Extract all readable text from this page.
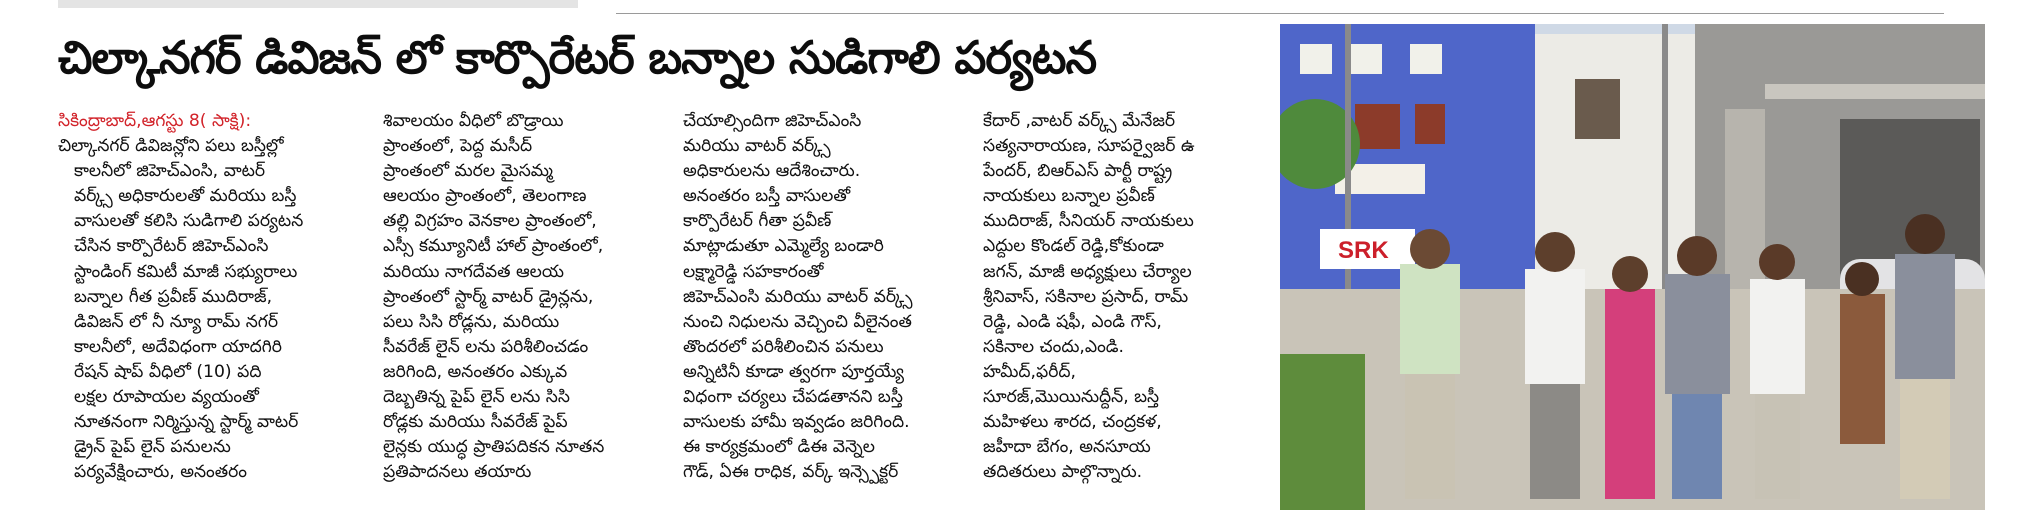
చిల్కానగర్ డివిజన్ లో కార్పొరేటర్ బన్నాల సుడిగాలి పర్యటన
సికింద్రాబాద్,ఆగస్టు 8( సాక్షి):
చిల్కానగర్ డివిజన్లోని పలు బస్తీల్లో
కాలనీలో జిహెచ్ఎంసి, వాటర్
వర్క్స్ అధికారులతో మరియు బస్తీ
వాసులతో కలిసి సుడిగాలి పర్యటన
చేసిన కార్పొరేటర్ జిహెచ్ఎంసి
స్టాండింగ్ కమిటీ మాజీ సభ్యురాలు
బన్నాల గీత ప్రవీణ్ ముదిరాజ్,
డివిజన్ లో నీ న్యూ రామ్ నగర్
కాలనీలో, అదేవిధంగా యాదగిరి
రేషన్ షాప్ వీధిలో (10) పది
లక్షల రూపాయల వ్యయంతో
నూతనంగా నిర్మిస్తున్న స్టార్మ్ వాటర్
డ్రైన్ పైప్ లైన్ పనులను
పర్యవేక్షించారు, అనంతరం
శివాలయం వీధిలో బొడ్రాయి
ప్రాంతంలో, పెద్ద మసీద్
ప్రాంతంలో మరల మైసమ్మ
ఆలయం ప్రాంతంలో, తెలంగాణ
తల్లి విగ్రహం వెనకాల ప్రాంతంలో,
ఎస్సీ కమ్యూనిటీ హాల్ ప్రాంతంలో,
మరియు నాగదేవత ఆలయ
ప్రాంతంలో స్టార్మ్ వాటర్ డ్రైన్లను,
పలు సిసి రోడ్లను, మరియు
సీవరేజ్ లైన్ లను పరిశీలించడం
జరిగింది, అనంతరం ఎక్కువ
దెబ్బతిన్న పైప్ లైన్ లను సిసి
రోడ్లకు మరియు సీవరేజ్ పైప్
లైన్లకు యుద్ధ ప్రాతిపదికన నూతన
ప్రతిపాదనలు తయారు
చేయాల్సిందిగా జిహెచ్ఎంసి
మరియు వాటర్ వర్క్స్
అధికారులను ఆదేశించారు.
అనంతరం బస్తీ వాసులతో
కార్పొరేటర్ గీతా ప్రవీణ్
మాట్లాడుతూ ఎమ్మెల్యే బండారి
లక్ష్మారెడ్డి సహకారంతో
జిహెచ్ఎంసి మరియు వాటర్ వర్క్స్
నుంచి నిధులను వెచ్చించి వీలైనంత
తొందరలో పరిశీలించిన పనులు
అన్నిటినీ కూడా త్వరగా పూర్తయ్యే
విధంగా చర్యలు చేపడతానని బస్తీ
వాసులకు హామీ ఇవ్వడం జరిగింది.
ఈ కార్యక్రమంలో డిఈ వెన్నెల
గౌడ్, ఏఈ రాధిక, వర్క్ ఇన్స్పెక్టర్
కేదార్ ,వాటర్ వర్క్స్ మేనేజర్
సత్యనారాయణ, సూపర్వైజర్ ఉ
పేందర్, బిఆర్ఎస్ పార్టీ రాష్ట్ర
నాయకులు బన్నాల ప్రవీణ్
ముదిరాజ్, సీనియర్ నాయకులు
ఎద్దుల కొండల్ రెడ్డి,కోకుండా
జగన్, మాజీ అధ్యక్షులు చేర్యాల
శ్రీనివాస్, సకినాల ప్రసాద్, రామ్
రెడ్డి, ఎండి షఫీ, ఎండి గౌస్,
సకినాల చందు,ఎండి.
హమీద్,ఫరీద్,
సూరజ్,మొయినుద్దీన్, బస్తీ
మహిళలు శారద, చంద్రకళ,
జహీదా బేగం, అనసూయ
తదితరులు పాల్గొన్నారు.
SRK
